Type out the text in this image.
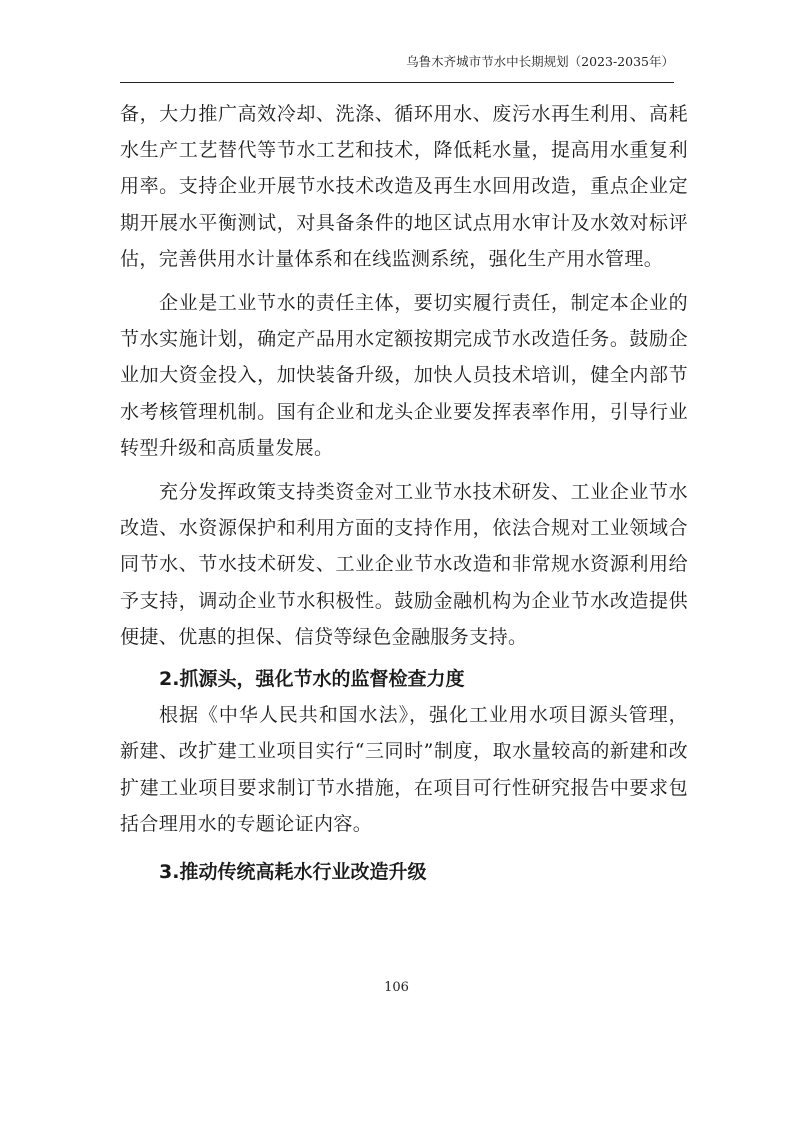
乌鲁木齐城市节水中长期规划（2023-2035年）

备，大力推广高效冷却、洗涤、循环用水、废污水再生利用、高耗水生产工艺替代等节水工艺和技术，降低耗水量，提高用水重复利用率。支持企业开展节水技术改造及再生水回用改造，重点企业定期开展水平衡测试，对具备条件的地区试点用水审计及水效对标评估，完善供用水计量体系和在线监测系统，强化生产用水管理。

企业是工业节水的责任主体，要切实履行责任，制定本企业的节水实施计划，确定产品用水定额按期完成节水改造任务。鼓励企业加大资金投入，加快装备升级，加快人员技术培训，健全内部节水考核管理机制。国有企业和龙头企业要发挥表率作用，引导行业转型升级和高质量发展。

充分发挥政策支持类资金对工业节水技术研发、工业企业节水改造、水资源保护和利用方面的支持作用，依法合规对工业领域合同节水、节水技术研发、工业企业节水改造和非常规水资源利用给予支持，调动企业节水积极性。鼓励金融机构为企业节水改造提供便捷、优惠的担保、信贷等绿色金融服务支持。

2.抓源头，强化节水的监督检查力度

根据《中华人民共和国水法》，强化工业用水项目源头管理，新建、改扩建工业项目实行“三同时”制度，取水量较高的新建和改扩建工业项目要求制订节水措施，在项目可行性研究报告中要求包括合理用水的专题论证内容。

3.推动传统高耗水行业改造升级
106
